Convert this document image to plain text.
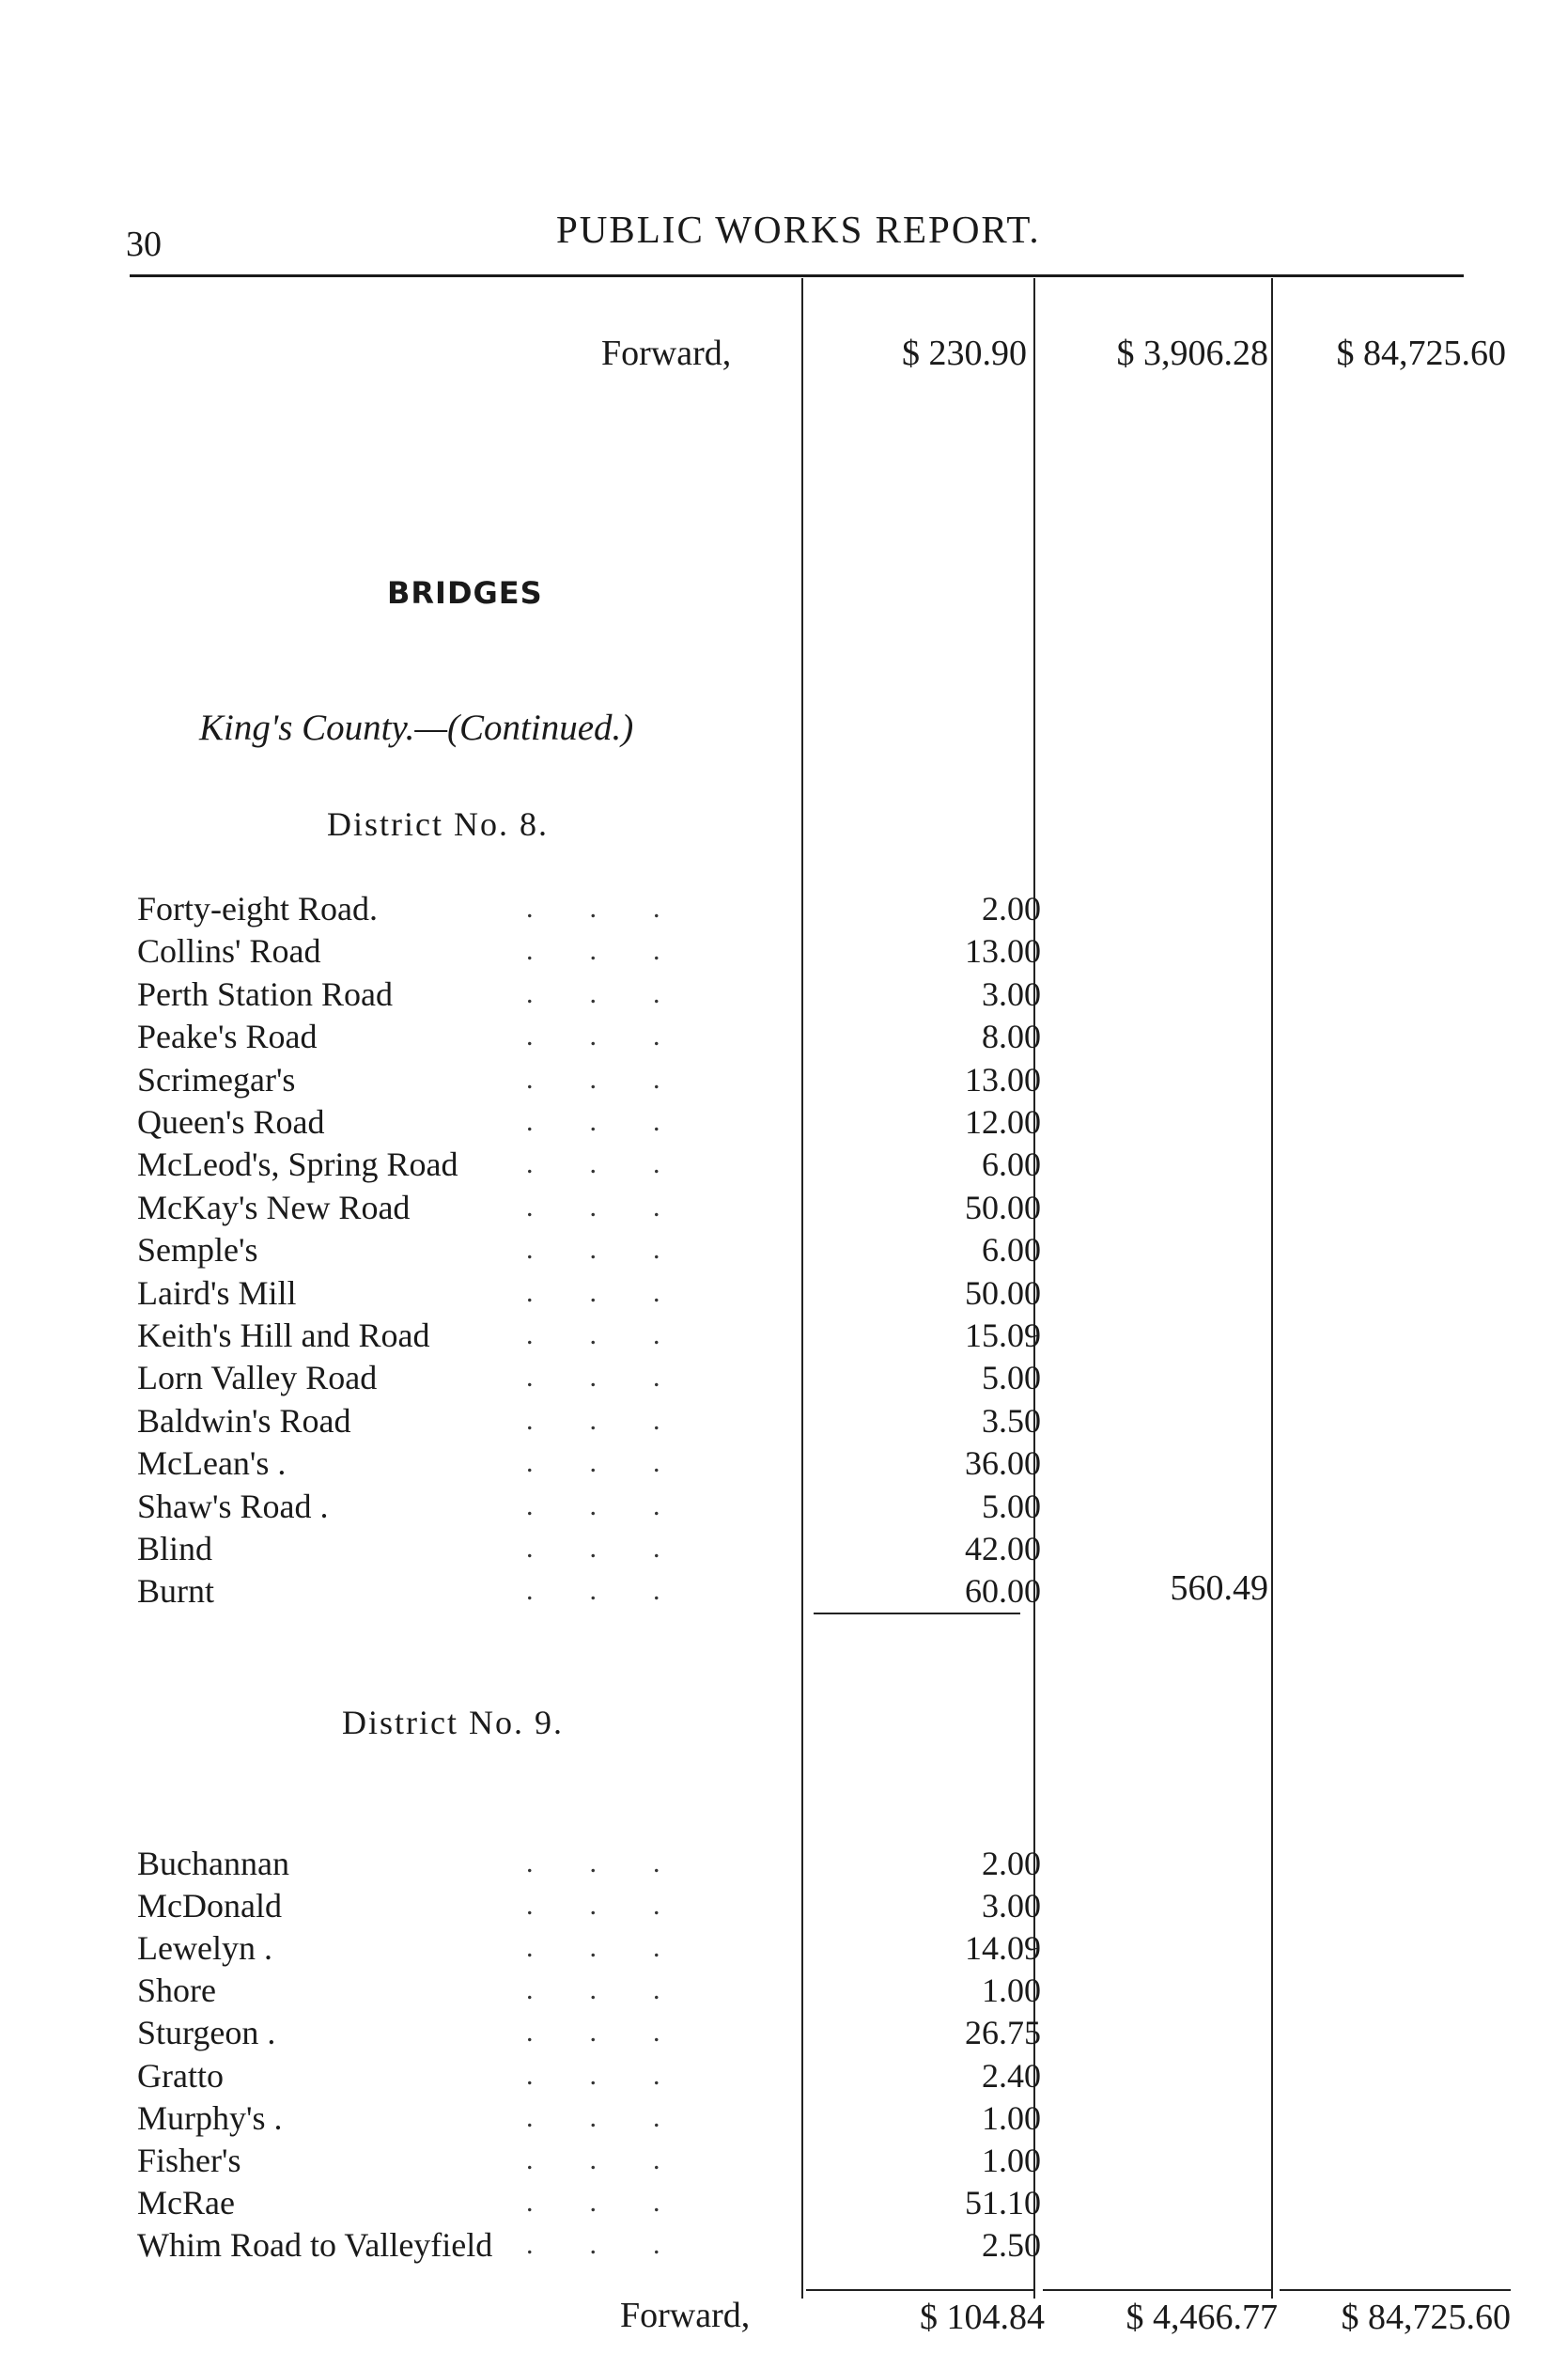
30	PUBLIC WORKS REPORT.
Forward,	$ 230.90	$ 3,906.28	$ 84,725.60
BRIDGES
King's County.—(Continued.)
District No. 8.
Forty-eight Road.	.        .        .	2.00
Collins' Road	.        .        .	13.00
Perth Station Road	.        .        .	3.00
Peake's Road	.        .        .	8.00
Scrimegar's	.        .        .	13.00
Queen's Road	.        .        .	12.00
McLeod's, Spring Road .        .        .	6.00
McKay's New Road	.        .        .	50.00
Semple's	.        .        .	6.00
Laird's Mill	.        .        .	50.00
Keith's Hill and Road	.        .        .	15.09
Lorn Valley Road	.        .        .	5.00
Baldwin's Road	.        .        .	3.50
McLean's .	.        .        .	36.00
Shaw's Road .	.        .        .	5.00
Blind	.        .        .	42.00
Burnt	.        .        .	60.00	560.49
District No. 9.
Buchannan	.        .        .	2.00
McDonald	.        .        .	3.00
Lewelyn .	.        .        .	14.09
Shore	.        .        .	1.00
Sturgeon .	.        .        .	26.75
Gratto	.        .        .	2.40
Murphy's .	.        .        .	1.00
Fisher's	.        .        .	1.00
McRae	.        .        .	51.10
Whim Road to Valleyfield .        .        .	2.50
Forward,	$ 104.84	$ 4,466.77	$ 84,725.60
